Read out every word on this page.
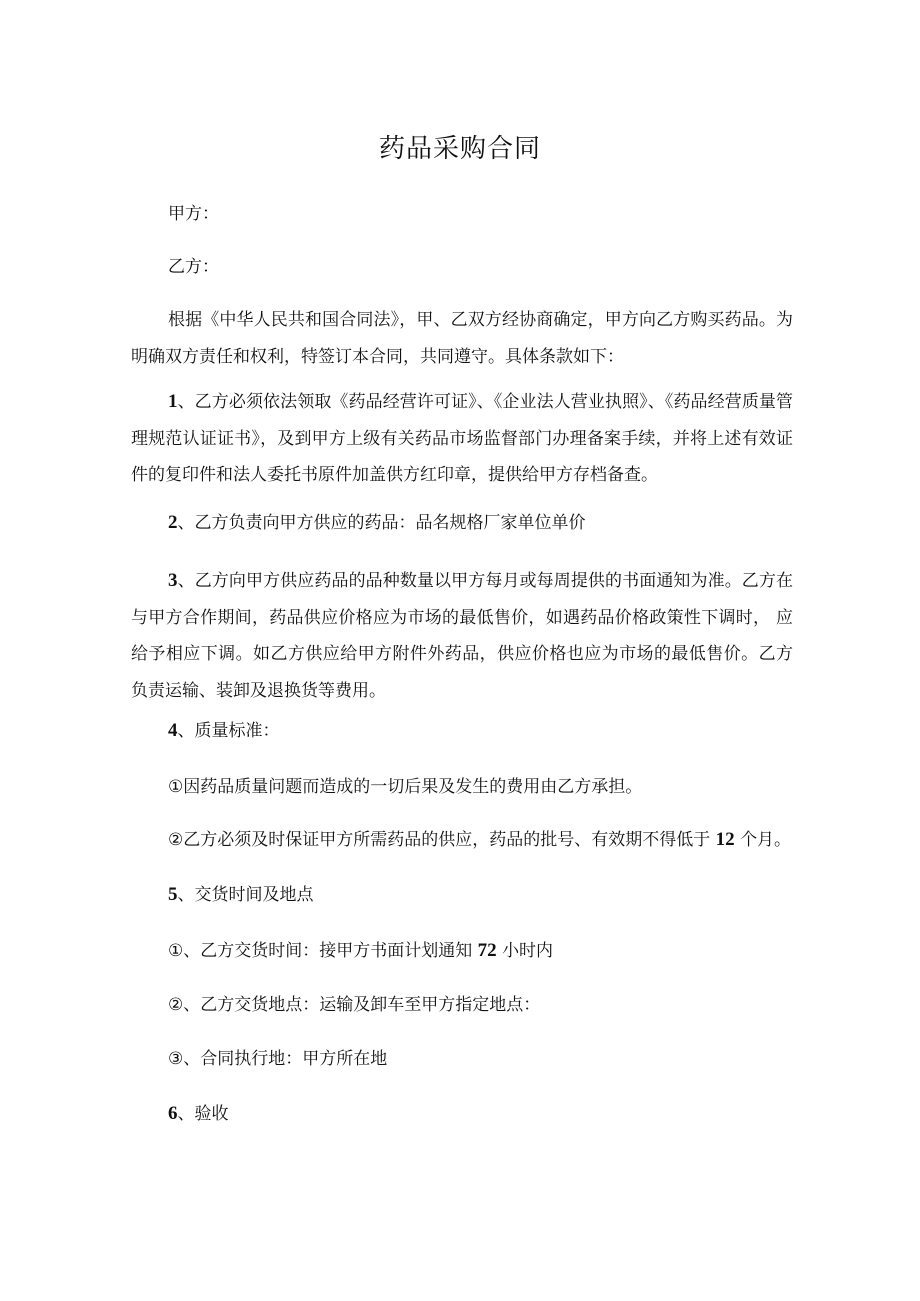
药品采购合同
甲方：
乙方：
根据《中华人民共和国合同法》，甲、乙双方经协商确定，甲方向乙方购买药品。为明确双方责任和权利，特签订本合同，共同遵守。具体条款如下：
1、乙方必须依法领取《药品经营许可证》、《企业法人营业执照》、《药品经营质量管理规范认证证书》，及到甲方上级有关药品市场监督部门办理备案手续，并将上述有效证件的复印件和法人委托书原件加盖供方红印章，提供给甲方存档备查。
2、乙方负责向甲方供应的药品：品名规格厂家单位单价
3、乙方向甲方供应药品的品种数量以甲方每月或每周提供的书面通知为准。乙方在与甲方合作期间，药品供应价格应为市场的最低售价，如遇药品价格政策性下调时， 应给予相应下调。如乙方供应给甲方附件外药品，供应价格也应为市场的最低售价。乙方负责运输、装卸及退换货等费用。
4、质量标准：
①因药品质量问题而造成的一切后果及发生的费用由乙方承担。
②乙方必须及时保证甲方所需药品的供应，药品的批号、有效期不得低于 12 个月。
5、交货时间及地点
①、乙方交货时间：接甲方书面计划通知 72 小时内
②、乙方交货地点：运输及卸车至甲方指定地点：
③、合同执行地：甲方所在地
6、验收
